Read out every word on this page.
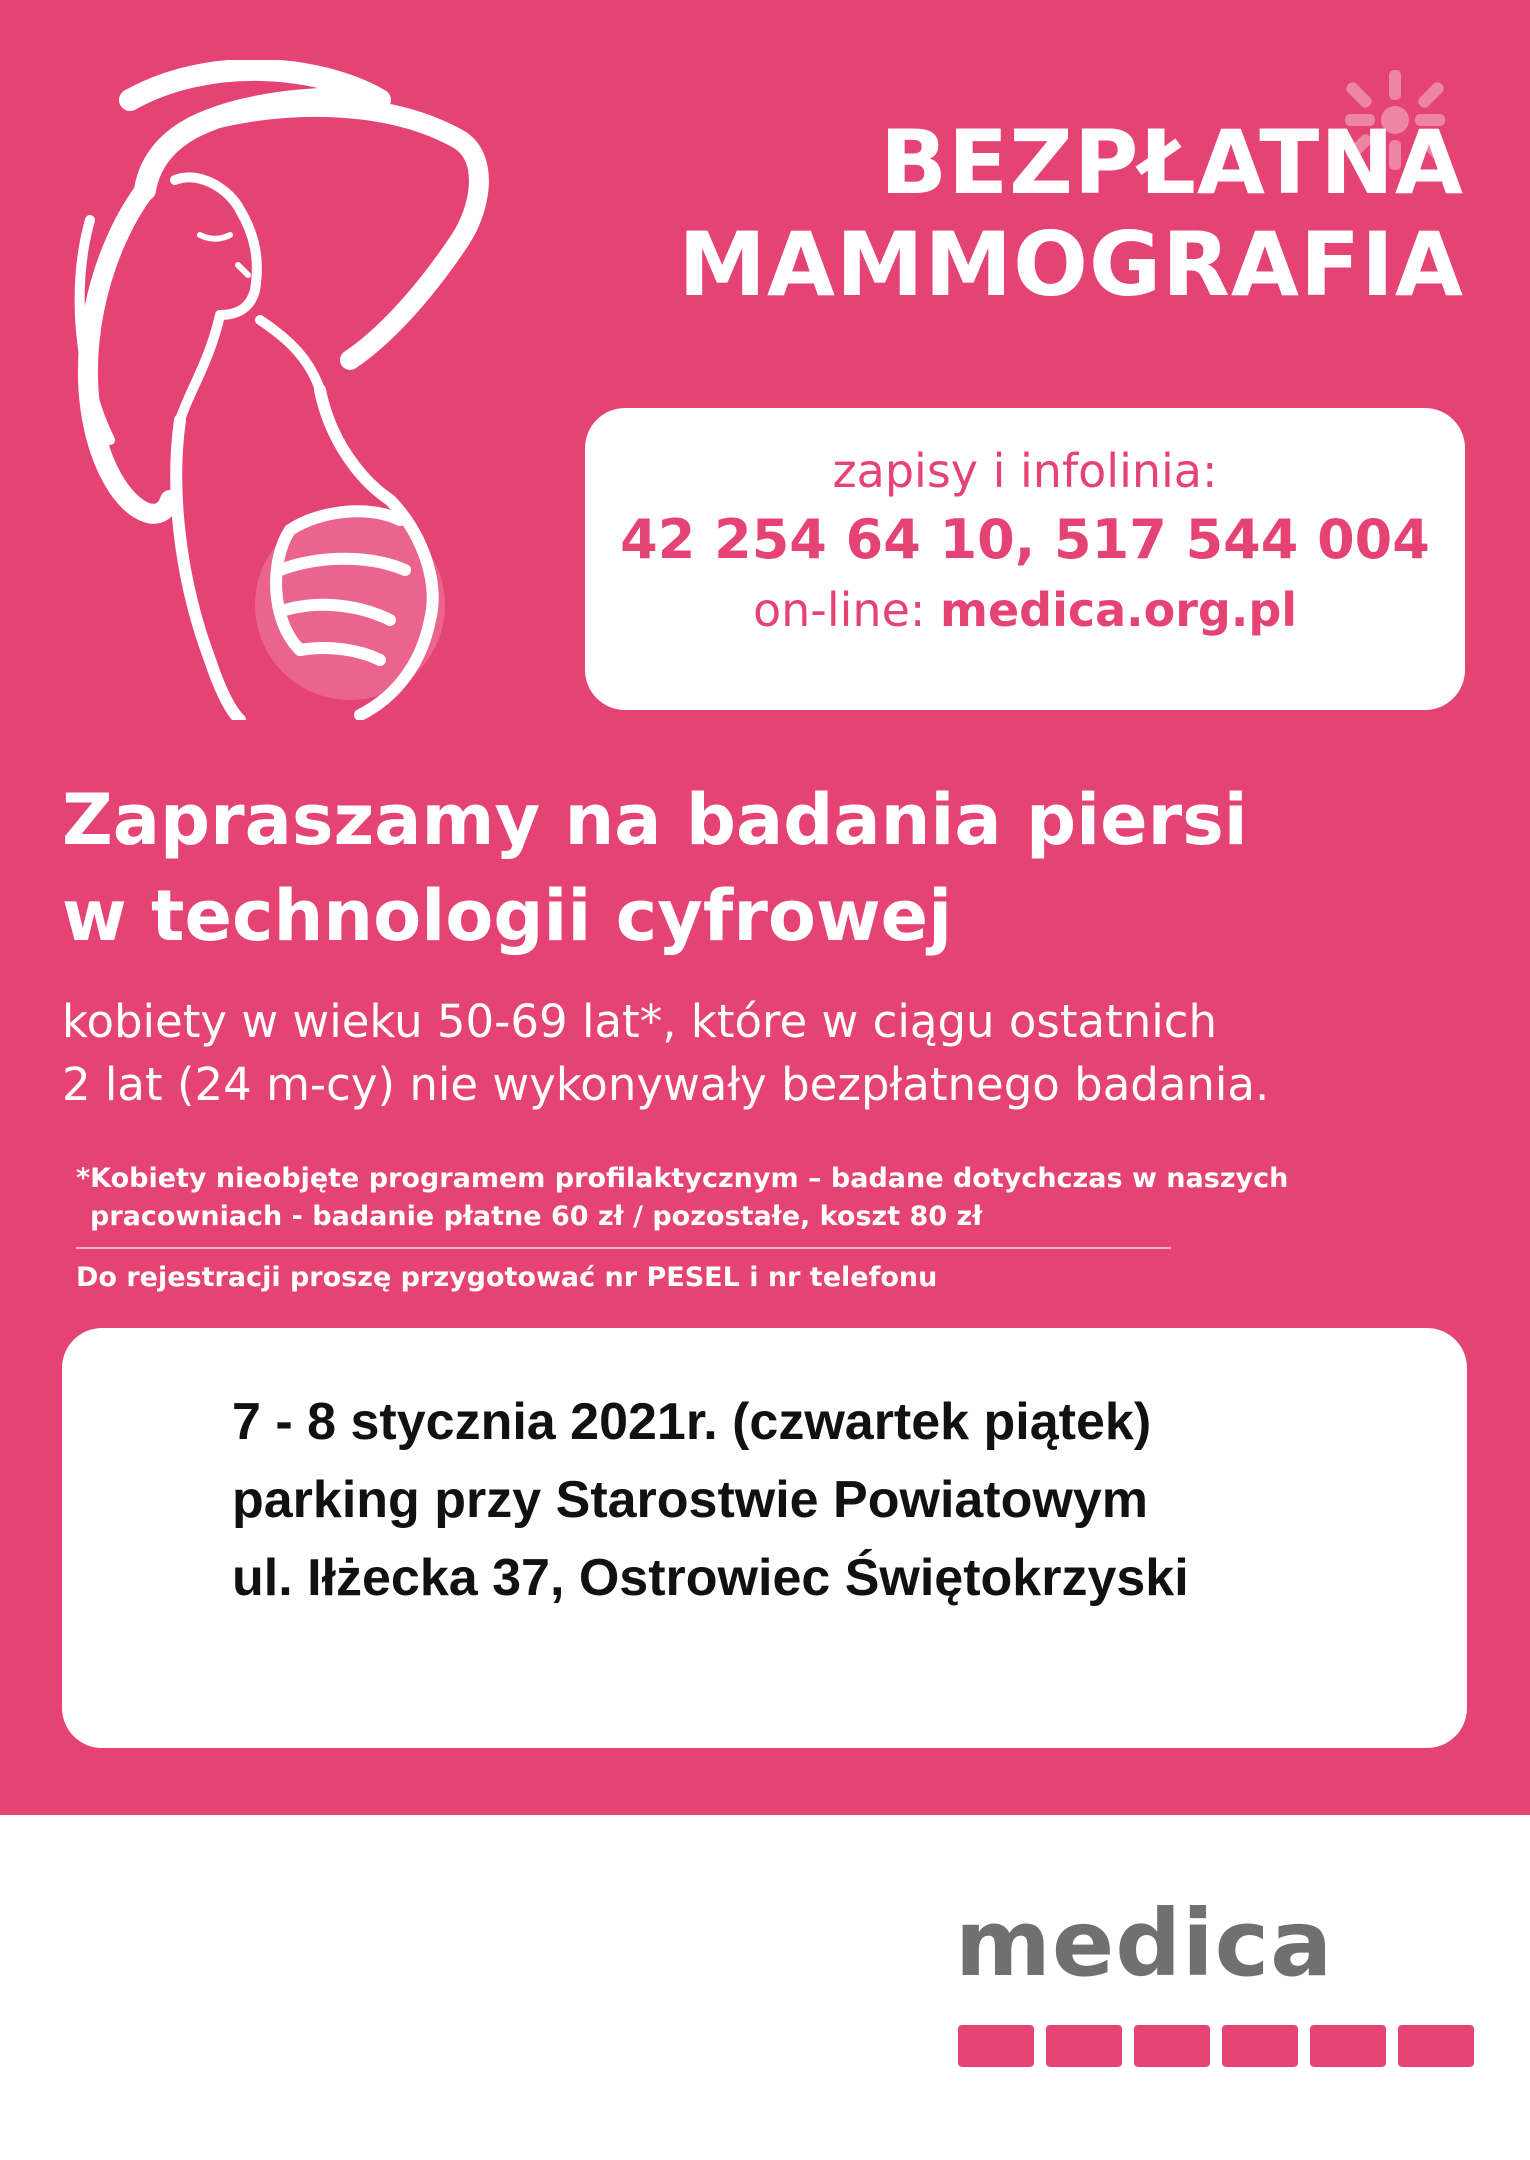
BEZPŁATNA
MAMMOGRAFIA
zapisy i infolinia:
42 254 64 10, 517 544 004
on-line: medica.org.pl
Zapraszamy na badania piersi
w technologii cyfrowej
kobiety w wieku 50-69 lat*, które w ciągu ostatnich
2 lat (24 m-cy) nie wykonywały bezpłatnego badania.
*Kobiety nieobjęte programem profilaktycznym – badane dotychczas w naszych
pracowniach - badanie płatne 60 zł / pozostałe, koszt 80 zł
Do rejestracji proszę przygotować nr PESEL i nr telefonu
7 - 8 stycznia 2021r. (czwartek piątek)
parking przy Starostwie Powiatowym
ul. Iłżecka 37, Ostrowiec Świętokrzyski
medica
